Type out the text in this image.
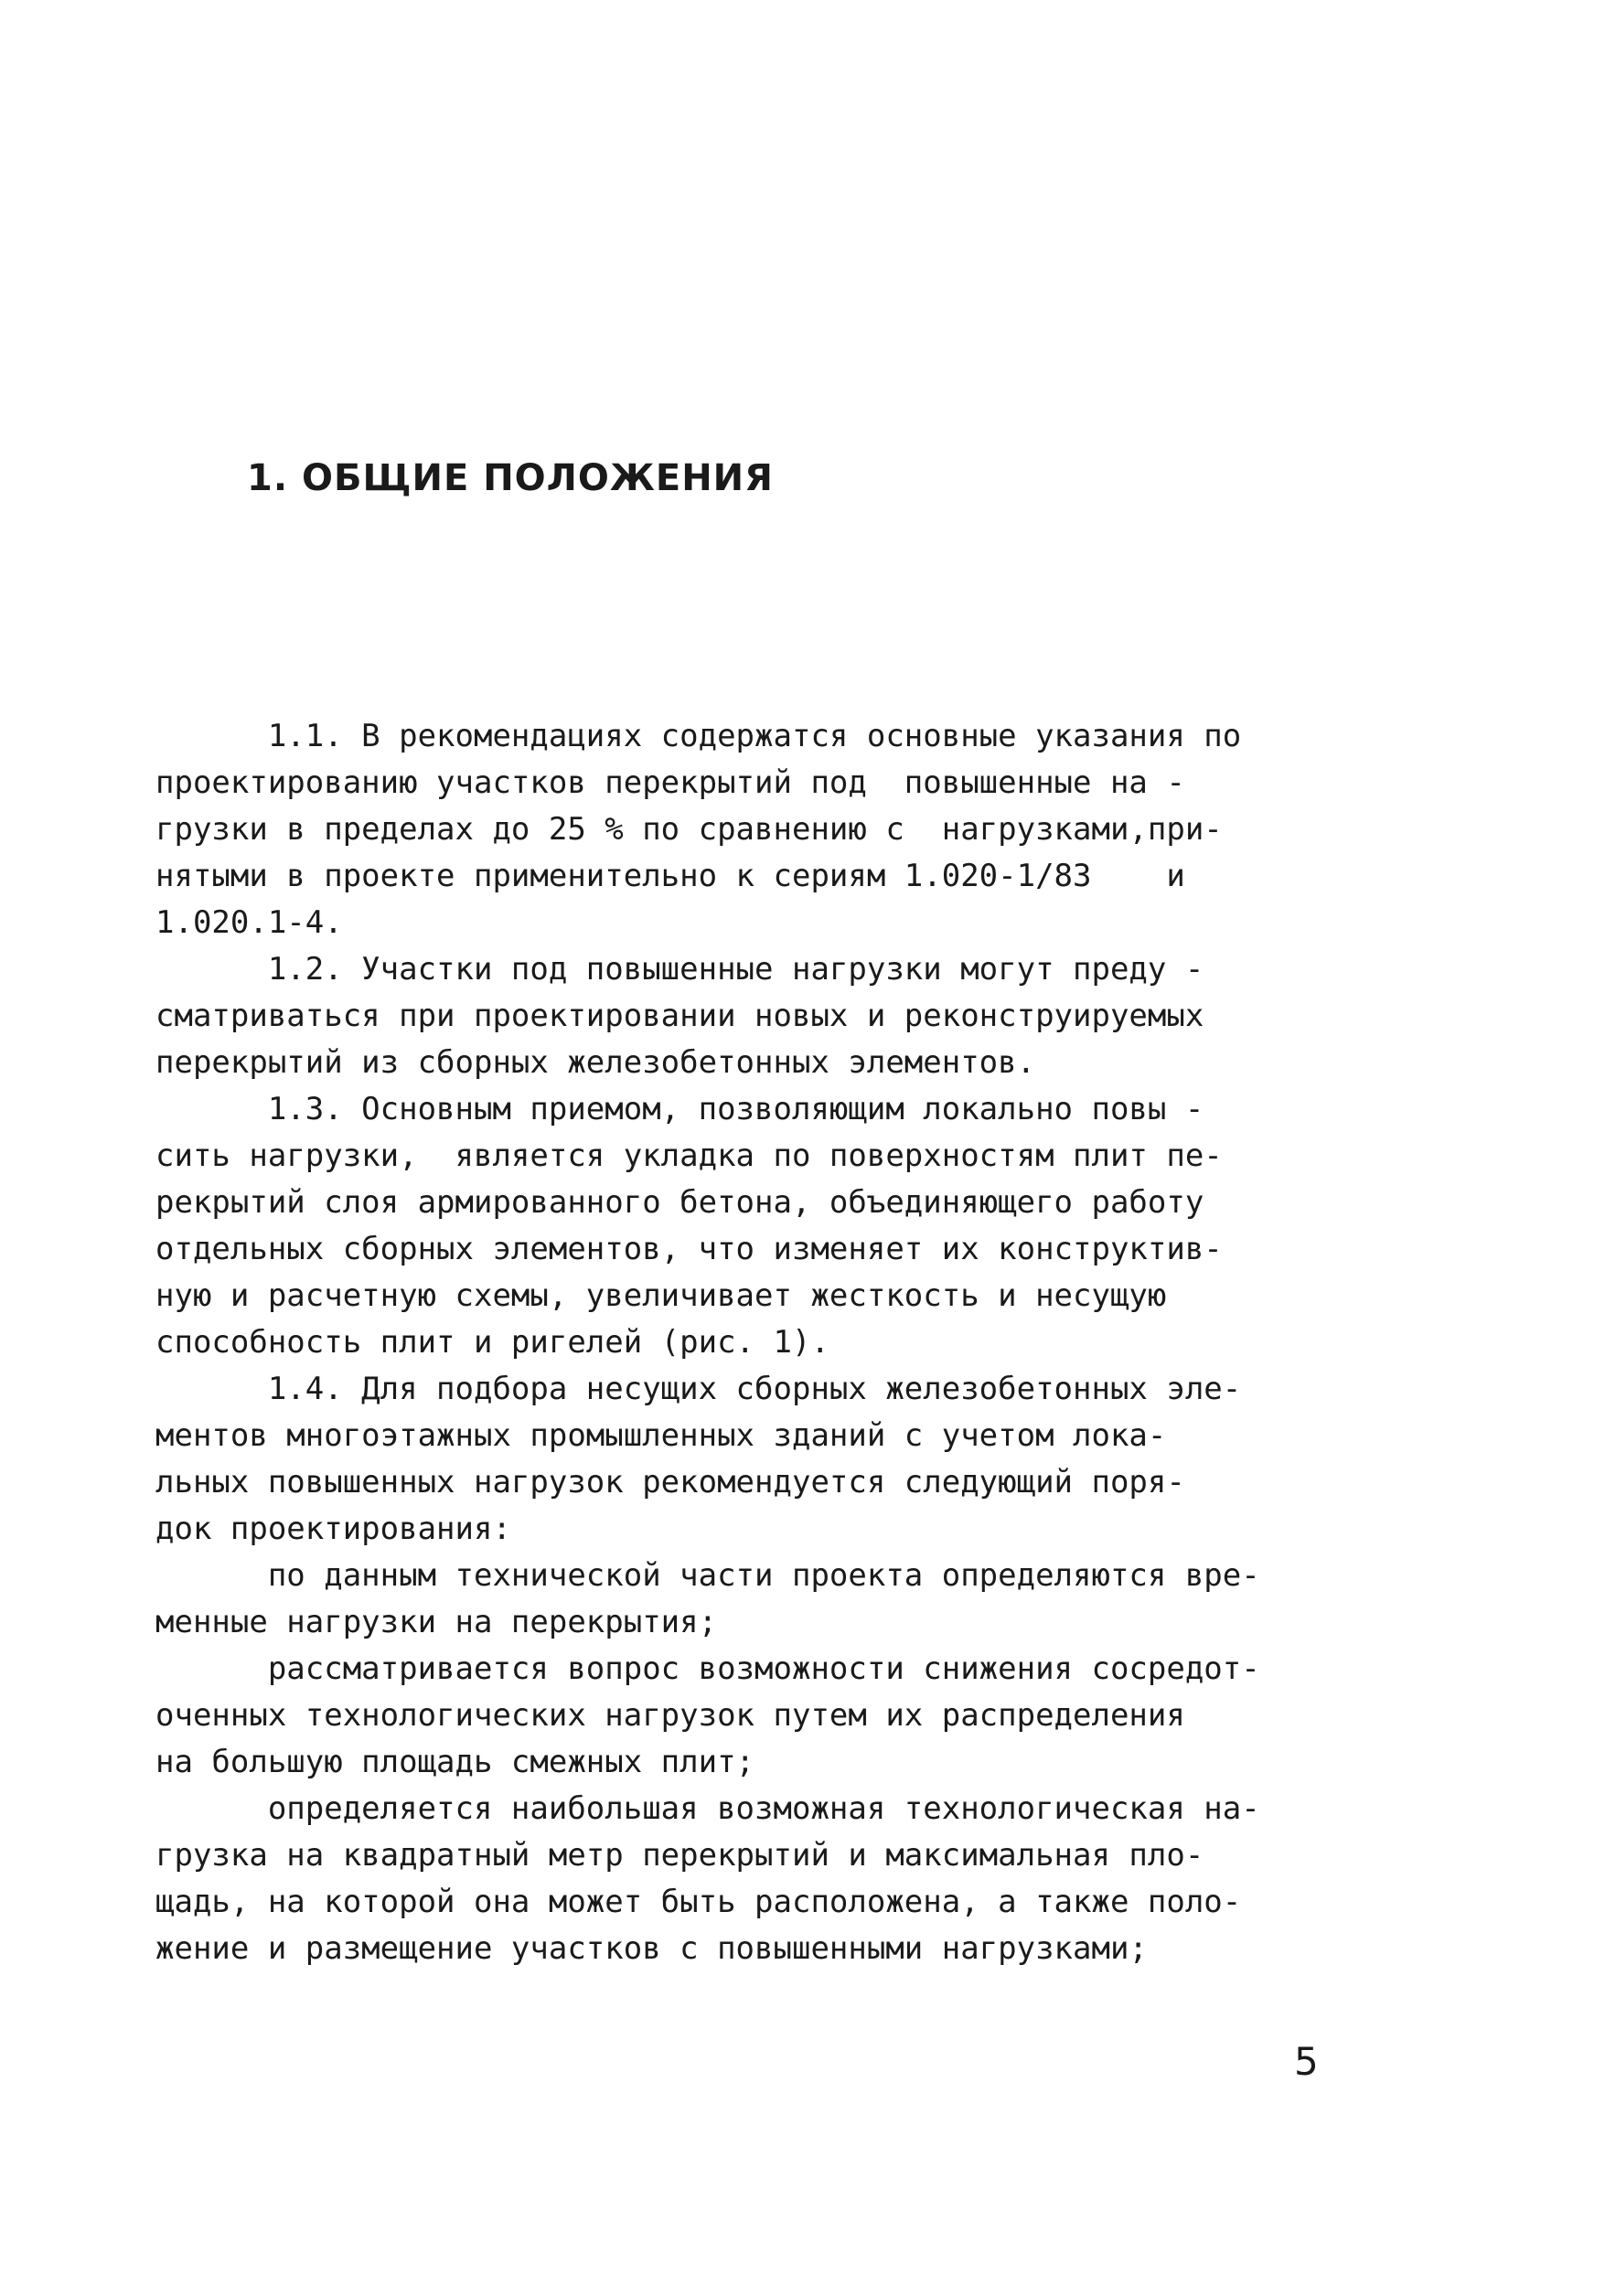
1. ОБЩИЕ ПОЛОЖЕНИЯ
1.1. В рекомендациях содержатся основные указания по
проектированию участков перекрытий под  повышенные на -
грузки в пределах до 25 % по сравнению с  нагрузками,при-
нятыми в проекте применительно к сериям 1.020-1/83    и
1.020.1-4.
1.2. Участки под повышенные нагрузки могут преду -
сматриваться при проектировании новых и реконструируемых
перекрытий из сборных железобетонных элементов.
1.3. Основным приемом, позволяющим локально повы -
сить нагрузки,  является укладка по поверхностям плит пе-
рекрытий слоя армированного бетона, объединяющего работу
отдельных сборных элементов, что изменяет их конструктив-
ную и расчетную схемы, увеличивает жесткость и несущую
способность плит и ригелей (рис. 1).
1.4. Для подбора несущих сборных железобетонных эле-
ментов многоэтажных промышленных зданий с учетом лока-
льных повышенных нагрузок рекомендуется следующий поря-
док проектирования:
по данным технической части проекта определяются вре-
менные нагрузки на перекрытия;
рассматривается вопрос возможности снижения сосредот-
оченных технологических нагрузок путем их распределения
на большую площадь смежных плит;
определяется наибольшая возможная технологическая на-
грузка на квадратный метр перекрытий и максимальная пло-
щадь, на которой она может быть расположена, а также поло-
жение и размещение участков с повышенными нагрузками;
5
